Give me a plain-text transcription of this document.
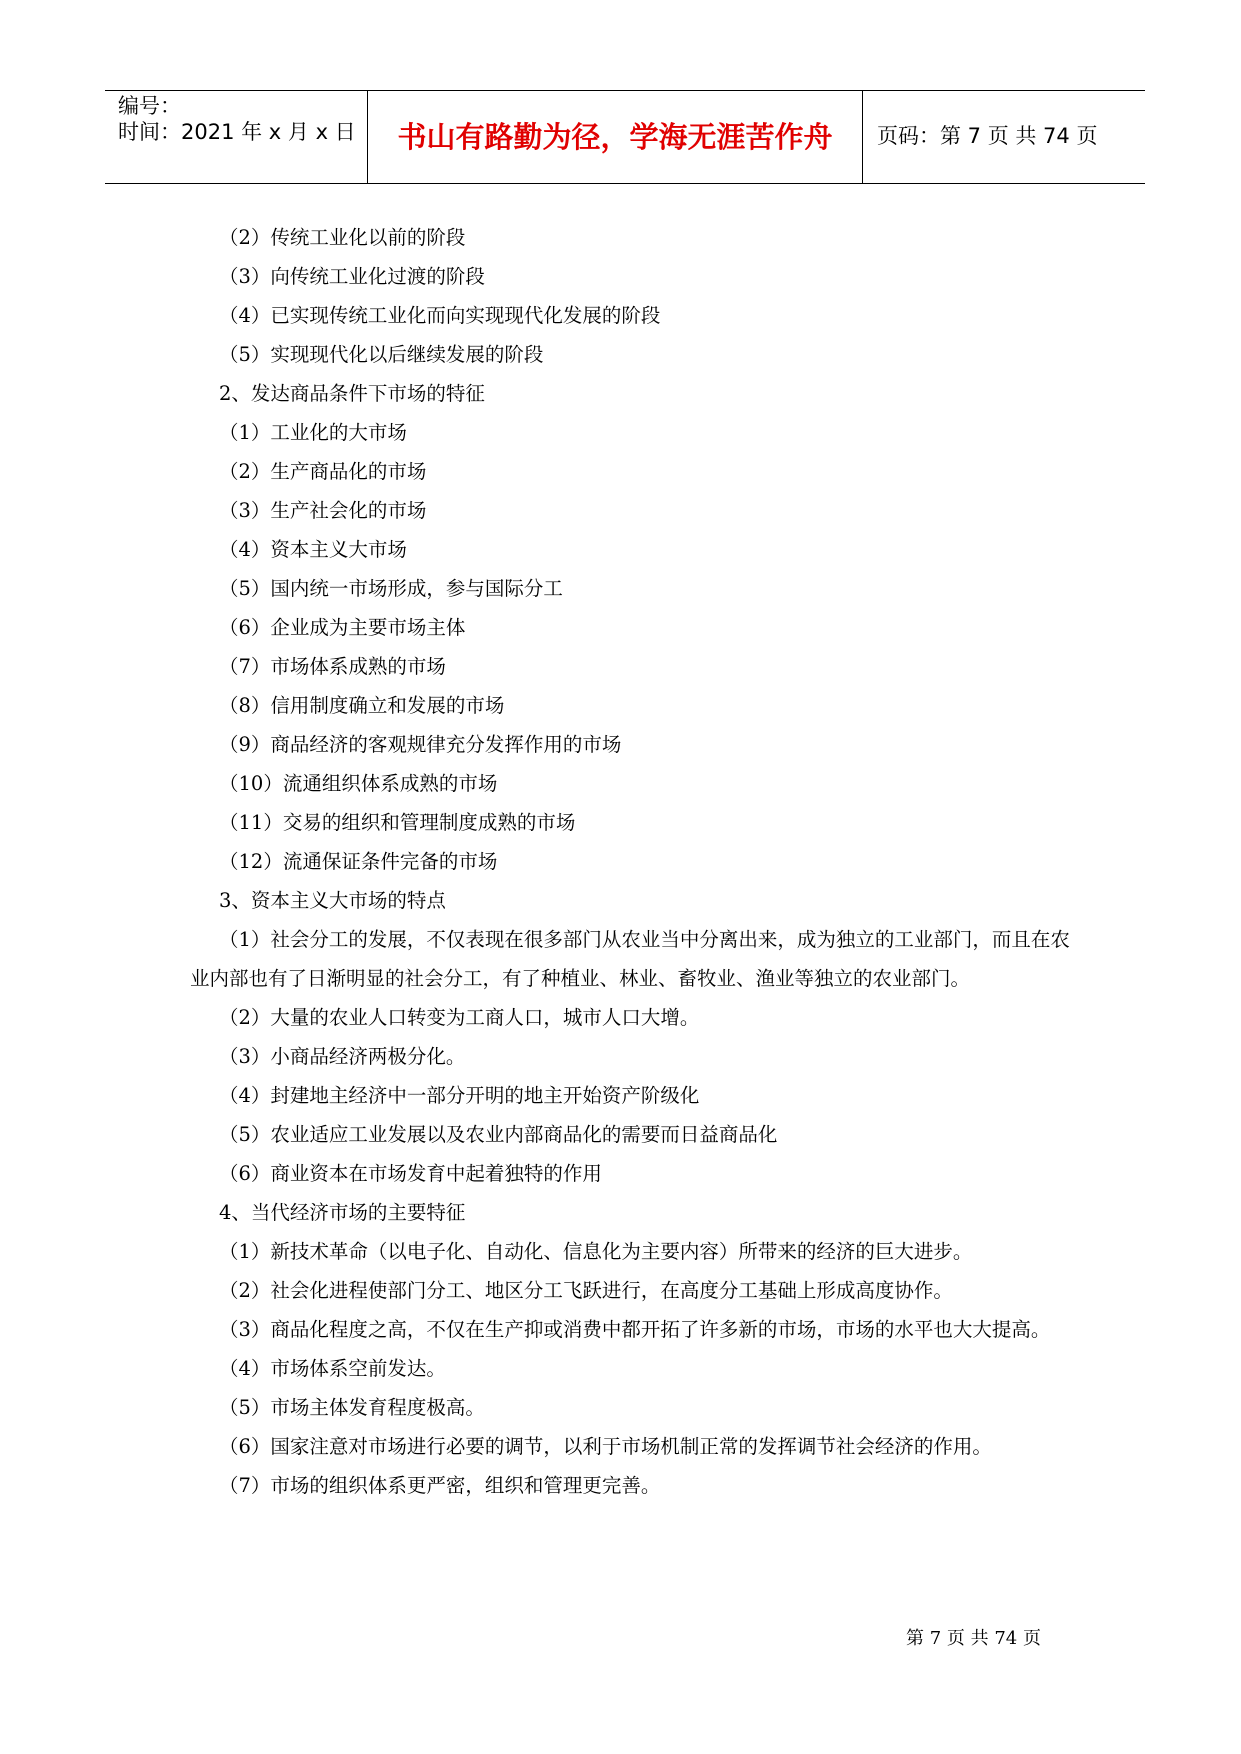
编号：
时间：2021 年 x 月 x 日	书山有路勤为径，学海无涯苦作舟	页码：第 7 页 共 74 页

（2）传统工业化以前的阶段

（3）向传统工业化过渡的阶段

（4）已实现传统工业化而向实现现代化发展的阶段

（5）实现现代化以后继续发展的阶段

2、发达商品条件下市场的特征

（1）工业化的大市场

（2）生产商品化的市场

（3）生产社会化的市场

（4）资本主义大市场

（5）国内统一市场形成，参与国际分工

（6）企业成为主要市场主体

（7）市场体系成熟的市场

（8）信用制度确立和发展的市场

（9）商品经济的客观规律充分发挥作用的市场

（10）流通组织体系成熟的市场

（11）交易的组织和管理制度成熟的市场

（12）流通保证条件完备的市场

3、资本主义大市场的特点

（1）社会分工的发展，不仅表现在很多部门从农业当中分离出来，成为独立的工业部门，而且在农业内部也有了日渐明显的社会分工，有了种植业、林业、畜牧业、渔业等独立的农业部门。

（2）大量的农业人口转变为工商人口，城市人口大增。

（3）小商品经济两极分化。

（4）封建地主经济中一部分开明的地主开始资产阶级化

（5）农业适应工业发展以及农业内部商品化的需要而日益商品化

（6）商业资本在市场发育中起着独特的作用

4、当代经济市场的主要特征

（1）新技术革命（以电子化、自动化、信息化为主要内容）所带来的经济的巨大进步。

（2）社会化进程使部门分工、地区分工飞跃进行，在高度分工基础上形成高度协作。

（3）商品化程度之高，不仅在生产抑或消费中都开拓了许多新的市场，市场的水平也大大提高。

（4）市场体系空前发达。

（5）市场主体发育程度极高。

（6）国家注意对市场进行必要的调节，以利于市场机制正常的发挥调节社会经济的作用。

（7）市场的组织体系更严密，组织和管理更完善。

第 7 页 共 74 页
